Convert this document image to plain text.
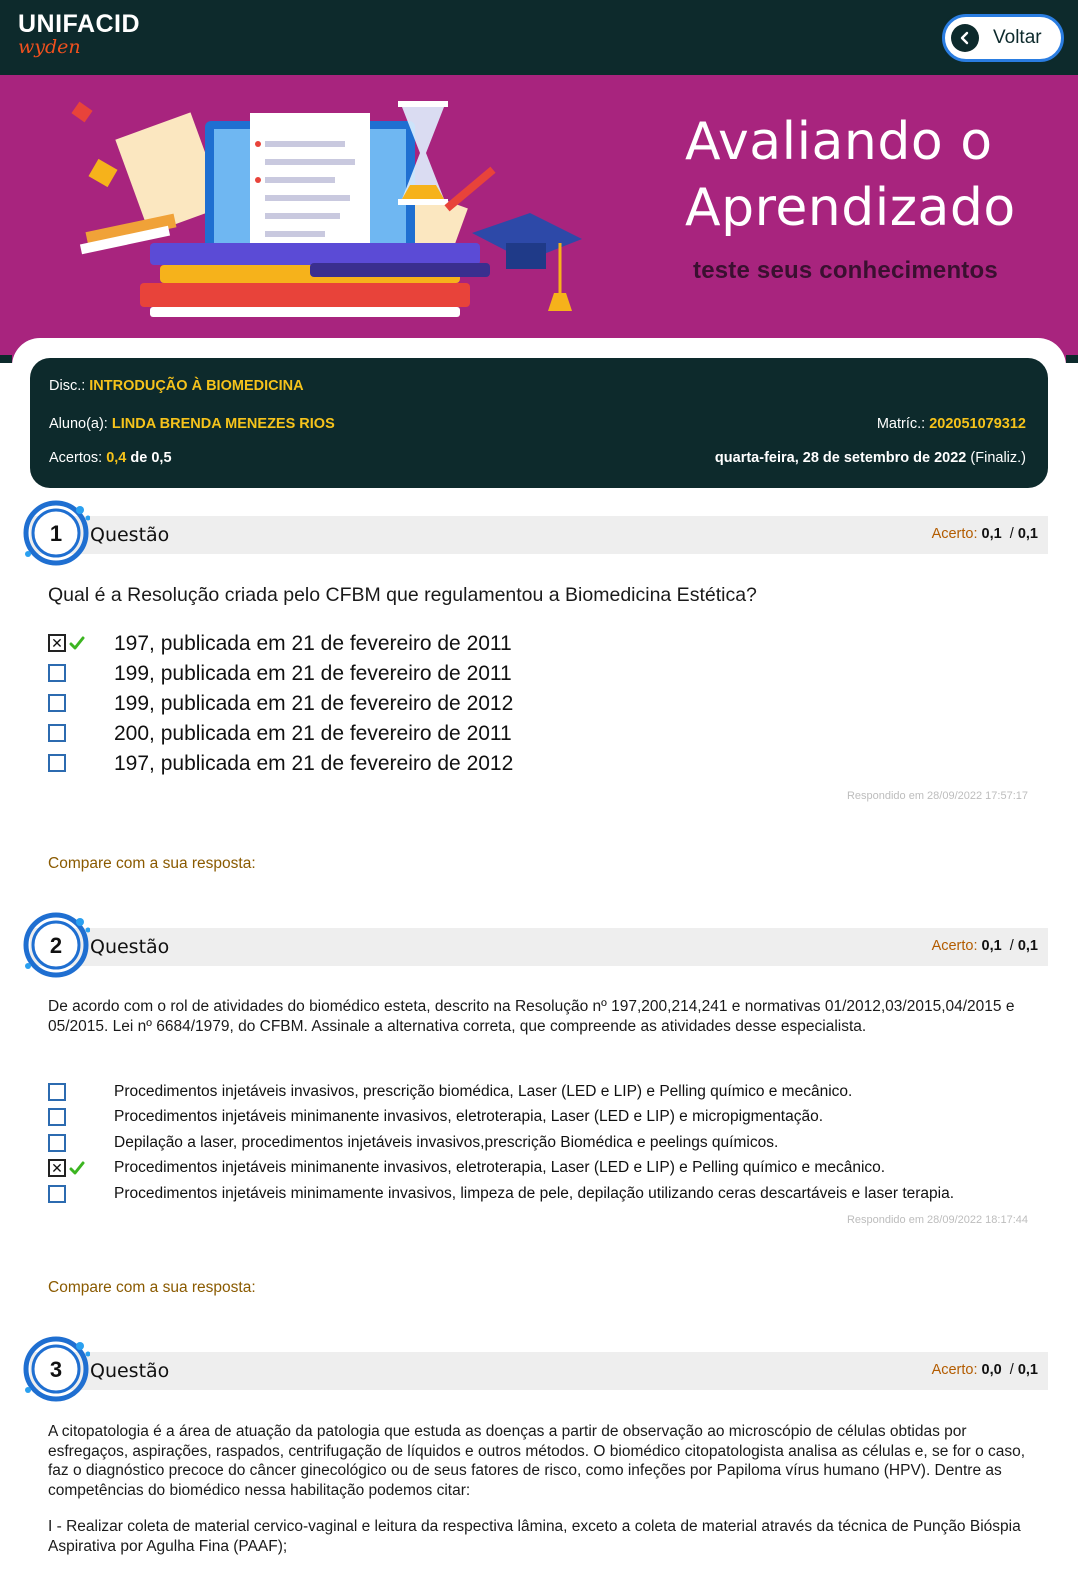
UNIFACID
wyden	Voltar
Avaliando o
Aprendizado
teste seus conhecimentos
Disc.: INTRODUÇÃO À BIOMEDICINA
Aluno(a): LINDA BRENDA MENEZES RIOS	Matríc.: 202051079312
Acertos: 0,4 de 0,5	quarta-feira, 28 de setembro de 2022 (Finaliz.)
1 Questão	Acerto: 0,1 / 0,1
Qual é a Resolução criada pelo CFBM que regulamentou a Biomedicina Estética?
✕ 197, publicada em 21 de fevereiro de 2011
199, publicada em 21 de fevereiro de 2011
199, publicada em 21 de fevereiro de 2012
200, publicada em 21 de fevereiro de 2011
197, publicada em 21 de fevereiro de 2012
Respondido em 28/09/2022 17:57:17
Compare com a sua resposta:
2 Questão	Acerto: 0,1 / 0,1
De acordo com o rol de atividades do biomédico esteta, descrito na Resolução nº 197,200,214,241 e normativas 01/2012,03/2015,04/2015 e 05/2015. Lei nº 6684/1979, do CFBM. Assinale a alternativa correta, que compreende as atividades desse especialista.
Procedimentos injetáveis invasivos, prescrição biomédica, Laser (LED e LIP) e Pelling químico e mecânico.
Procedimentos injetáveis minimanente invasivos, eletroterapia, Laser (LED e LIP) e micropigmentação.
Depilação a laser, procedimentos injetáveis invasivos,prescrição Biomédica e peelings químicos.
✕	Procedimentos injetáveis minimanente invasivos, eletroterapia, Laser (LED e LIP) e Pelling químico e mecânico.
Procedimentos injetáveis minimamente invasivos, limpeza de pele, depilação utilizando ceras descartáveis e laser terapia.
Respondido em 28/09/2022 18:17:44
Compare com a sua resposta:
3 Questão	Acerto: 0,0 / 0,1
A citopatologia é a área de atuação da patologia que estuda as doenças a partir de observação ao microscópio de células obtidas por esfregaços, aspirações, raspados, centrifugação de líquidos e outros métodos. O biomédico citopatologista analisa as células e, se for o caso, faz o diagnóstico precoce do câncer ginecológico ou de seus fatores de risco, como infeções por Papiloma vírus humano (HPV). Dentre as competências do biomédico nessa habilitação podemos citar:
I - Realizar coleta de material cervico-vaginal e leitura da respectiva lâmina, exceto a coleta de material através da técnica de Punção Bióspia Aspirativa por Agulha Fina (PAAF);
